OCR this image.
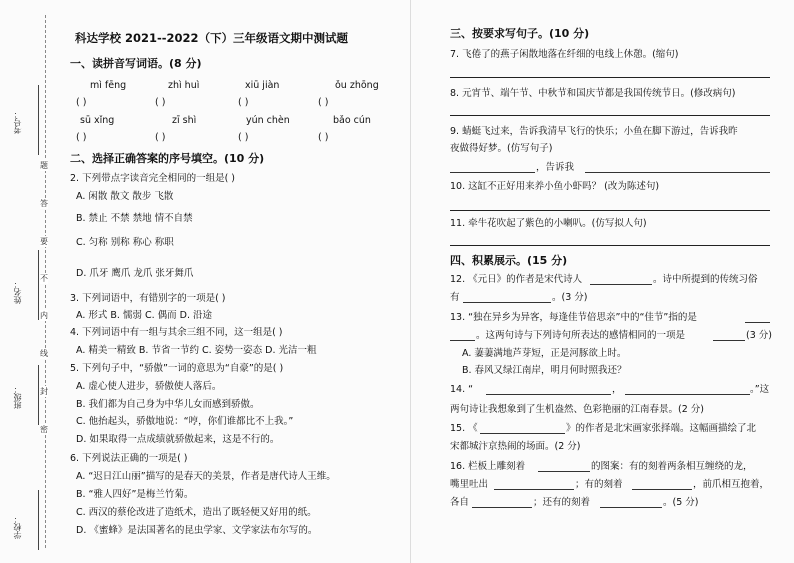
考号：
姓名：
班级：
学校：
题
答
要
不
内
线
封
密
科达学校 2021--2022（下）三年级语文期中测试题
一、读拼音写词语。(8 分)
mì fēng	zhì huì	xiū jiàn	ǒu zhōng
( )	( )	( )	( )
sū xǐng	zī shì	yún chèn	bǎo cún
( )	( )	( )	( )
二、选择正确答案的序号填空。(10 分)
2. 下列带点字读音完全相同的一组是( )
A. 闲散 散文 散步 飞散
B. 禁止 不禁 禁地 情不自禁
C. 匀称 别称 称心 称职
D. 爪牙 鹰爪 龙爪 张牙舞爪
3. 下列词语中，有错别字的一项是( )
A. 形式 B. 懦弱 C. 偶而 D. 沿途
4. 下列词语中有一组与其余三组不同，这一组是( )
A. 精美一精致 B. 节省一节约 C. 姿势一姿态 D. 光洁一粗
5. 下列句子中，“骄傲”一词的意思为“自豪”的是( )
A. 虚心使人进步，骄傲使人落后。
B. 我们都为自己身为中华儿女而感到骄傲。
C. 他抬起头，骄傲地说：“哼，你们谁都比不上我。”
D. 如果取得一点成绩就骄傲起来，这是不行的。
6. 下列说法正确的一项是( )
A. “迟日江山丽”描写的是春天的美景，作者是唐代诗人王维。
B. “雅人四好”是梅兰竹菊。
C. 西汉的蔡伦改进了造纸术，造出了既轻便又好用的纸。
D. 《蜜蜂》是法国著名的昆虫学家、文学家法布尔写的。
三、按要求写句子。(10 分)
7. 飞倦了的燕子闲散地落在纤细的电线上休憩。(缩句)
8. 元宵节、端午节、中秋节和国庆节都是我国传统节日。(修改病句)
9. 蜻蜓飞过来，告诉我清早飞行的快乐；小鱼在脚下游过，告诉我昨
夜做得好梦。(仿写句子)
，告诉我
10. 这缸不正好用来养小鱼小虾吗？ (改为陈述句)
11. 牵牛花吹起了紫色的小喇叭。(仿写拟人句)
四、积累展示。(15 分)
12. 《元日》的作者是宋代诗人	。诗中所提到的传统习俗
有	。(3 分)
13. “独在异乡为异客，每逢佳节倍思亲”中的“佳节”指的是
。这两句诗与下列诗句所表达的感情相同的一项是	(3 分)
A. 萋萋满地芦芽短，正是河豚欲上时。
B. 春风又绿江南岸，明月何时照我还？
14. “	，	。”这
两句诗让我想象到了生机盎然、色彩艳丽的江南春景。(2 分)
15. 《	》的作者是北宋画家张择端。这幅画描绘了北
宋都城汴京热闹的场面。(2 分)
16. 栏板上雕刻着	的图案：有的刻着两条相互缠绕的龙，
嘴里吐出	；有的刻着	，前爪相互抱着，
各自	；还有的刻着	。(5 分)
